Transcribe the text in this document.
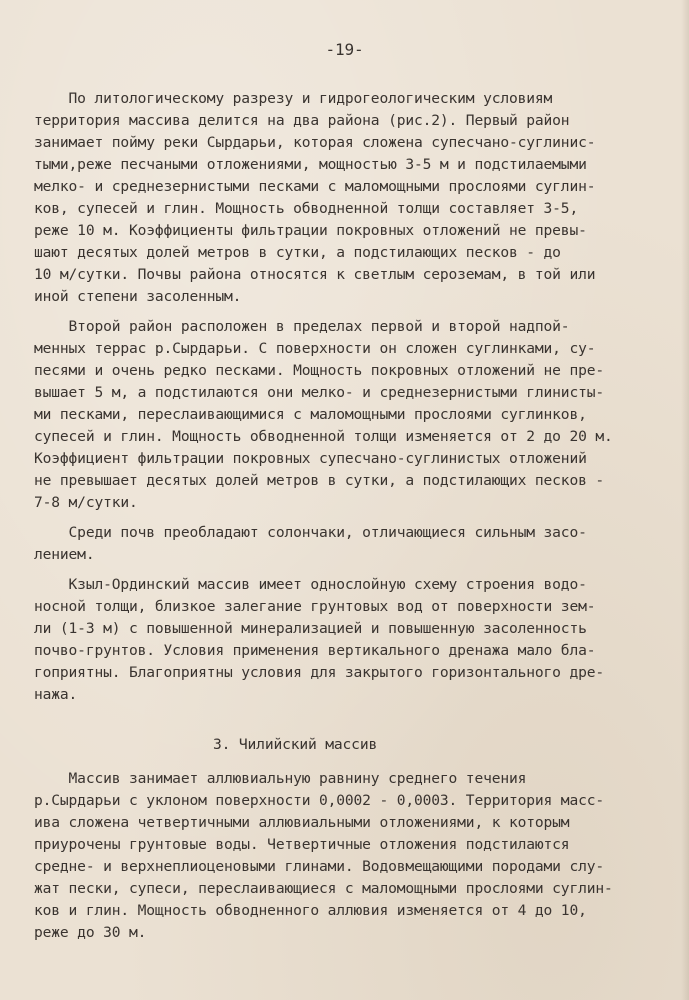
-19-
По литологическому разрезу и гидрогеологическим условиям
территория массива делится на два района (рис.2). Первый район
занимает пойму реки Сырдарьи, которая сложена супесчано-суглинис-
тыми,реже песчаными отложениями, мощностью 3-5 м и подстилаемыми
мелко- и среднезернистыми песками с маломощными прослоями суглин-
ков, супесей и глин. Мощность обводненной толщи составляет 3-5,
реже 10 м. Коэффициенты фильтрации покровных отложений не превы-
шают десятых долей метров в сутки, а подстилающих песков - до
10 м/сутки. Почвы района относятся к светлым сероземам, в той или
иной степени засоленным.
Второй район расположен в пределах первой и второй надпой-
менных террас р.Сырдарьи. С поверхности он сложен суглинками, су-
песями и очень редко песками. Мощность покровных отложений не пре-
вышает 5 м, а подстилаются они мелко- и среднезернистыми глинисты-
ми песками, переслаивающимися с маломощными прослоями суглинков,
супесей и глин. Мощность обводненной толщи изменяется от 2 до 20 м.
Коэффициент фильтрации покровных супесчано-суглинистых отложений
не превышает десятых долей метров в сутки, а подстилающих песков -
7-8 м/сутки.
Среди почв преобладают солончаки, отличающиеся сильным засо-
лением.
Кзыл-Ординский массив имеет однослойную схему строения водо-
носной толщи, близкое залегание грунтовых вод от поверхности зем-
ли (1-3 м) с повышенной минерализацией и повышенную засоленность
почво-грунтов. Условия применения вертикального дренажа мало бла-
гоприятны. Благоприятны условия для закрытого горизонтального дре-
нажа.
3. Чилийский массив
Массив занимает аллювиальную равнину среднего течения
р.Сырдарьи с уклоном поверхности 0,0002 - 0,0003. Территория масс-
ива сложена четвертичными аллювиальными отложениями, к которым
приурочены грунтовые воды. Четвертичные отложения подстилаются
средне- и верхнеплиоценовыми глинами. Водовмещающими породами слу-
жат пески, супеси, переслаивающиеся с маломощными прослоями суглин-
ков и глин. Мощность обводненного аллювия изменяется от 4 до 10,
реже до 30 м.
